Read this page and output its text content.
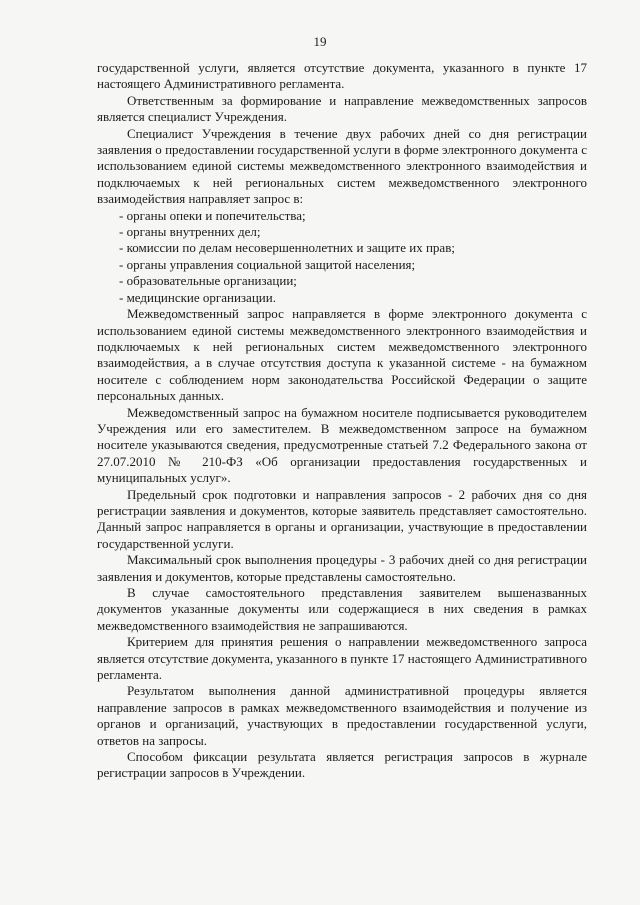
19

государственной услуги, является отсутствие документа, указанного в пункте 17 настоящего Административного регламента.

Ответственным за формирование и направление межведомственных запросов является специалист Учреждения.

Специалист Учреждения в течение двух рабочих дней со дня регистрации заявления о предоставлении государственной услуги в форме электронного документа с использованием единой системы межведомственного электронного взаимодействия и подключаемых к ней региональных систем межведомственного электронного взаимодействия направляет запрос в:

- органы опеки и попечительства;
- органы внутренних дел;
- комиссии по делам несовершеннолетних и защите их прав;
- органы управления социальной защитой населения;
- образовательные организации;
- медицинские организации.

Межведомственный запрос направляется в форме электронного документа с использованием единой системы межведомственного электронного взаимодействия и подключаемых к ней региональных систем межведомственного электронного взаимодействия, а в случае отсутствия доступа к указанной системе - на бумажном носителе с соблюдением норм законодательства Российской Федерации о защите персональных данных.

Межведомственный запрос на бумажном носителе подписывается руководителем Учреждения или его заместителем. В межведомственном запросе на бумажном носителе указываются сведения, предусмотренные статьей 7.2 Федерального закона от 27.07.2010 № 210-ФЗ «Об организации предоставления государственных и муниципальных услуг».

Предельный срок подготовки и направления запросов - 2 рабочих дня со дня регистрации заявления и документов, которые заявитель представляет самостоятельно. Данный запрос направляется в органы и организации, участвующие в предоставлении государственной услуги.

Максимальный срок выполнения процедуры - 3 рабочих дней со дня регистрации заявления и документов, которые представлены самостоятельно.

В случае самостоятельного представления заявителем вышеназванных документов указанные документы или содержащиеся в них сведения в рамках межведомственного взаимодействия не запрашиваются.

Критерием для принятия решения о направлении межведомственного запроса является отсутствие документа, указанного в пункте 17 настоящего Административного регламента.

Результатом выполнения данной административной процедуры является направление запросов в рамках межведомственного взаимодействия и получение из органов и организаций, участвующих в предоставлении государственной услуги, ответов на запросы.

Способом фиксации результата является регистрация запросов в журнале регистрации запросов в Учреждении.
